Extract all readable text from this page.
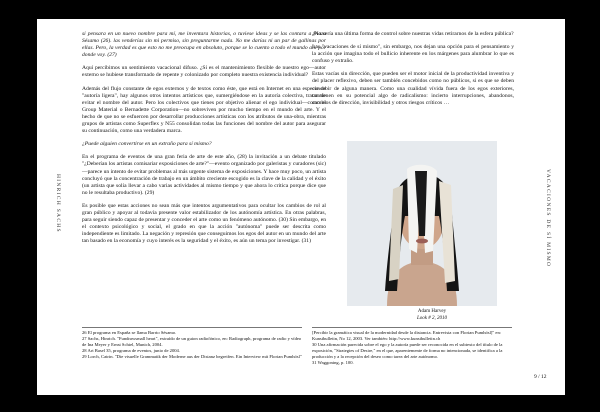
HINRICH SACHS

si pensara en un nuevo nombre para mí, me inventara historias, o tuviese ideas y se las contara a Plaza Sésamo (26). las venderías sin mi permiso, sin preguntarme nada. No me darías ni un par de gallinas por ellas. Pero, la verdad es que esto no me preocupa en absoluto, porque se lo cuento a todo el mundo allí por donde voy. (27)

Aquí percibimos un sentimiento vacacional difuso. ¿Sí es el mantenimiento flexible de nuestro ego—autor externo se hubiese transformado de repente y colonizado por completo nuestra existencia individual?

Además del flujo constante de egos externos y de textos como éste, que está en Internet en una especie de "autoría ligera", hay algunos otros intentos artísticos que, sumergiéndose en la autoría colectiva, tratan de evitar el nombre del autor. Pero los colectivos que tienes por objetivo alienar el ego individual—como el Group Material o Bernadette Corporation—no sobreviven por mucho tiempo en el mundo del arte. Y el hecho de que no se esfuercen por desarrollar producciones artísticas con los atributos de una-obra, mientras grupos de artistas como Superflex y N55 consolidan todas las funciones del nombre del autor para asegurar su continuación, como una verdadera marca.

¿Puede alguien convertirse en un extraño para sí mismo?

En el programa de eventos de una gran feria de arte de este año, (28) la invitación a un debate titulado "¿Deberían los artistas comisariar exposiciones de arte?"—evento organizado por galeristas y curadores (sic)—parece un intento de evitar problemas al más urgente sistema de exposiciones. Y hace muy poco, un artista concluyó que la concentración de trabajo en un ámbito creciente escogido es la clave de la calidad y el éxito (un artista que solía llevar a cabo varias actividades al mismo tiempo y que ahora lo critica porque dice que no le resultaba productivo). (29)

Es posible que estas acciones no sean más que intentos argumentativos para ocultar los cambios de rol al gran público y apoyar al todavía presente valor estabilizador de los autónomía artística. En otras palabras, para seguir siendo capaz de presentar y conceder el arte como un fenómeno autónomo. (30) Sin embargo, en el contexto psicológico y social, el grado en que la acción "autónoma" puede ser descrita como independiente es limitado. La negación y represión que conseguimos los egos del autor en un mundo del arte tan basado en la economía y cuyo interés es la seguridad y el éxito, es aún un tema por investigar. (31)

26 El programa en España se llama Barrio Sésamo.
27 Sachs, Hinrich. "Fundrawsmall heart", extraído de un guion radiofónico, en: Radiograph, programa de radio y vídeo de Ina Meyer y Ernst Schiel, Munich, 2004.
28 Art Basel 35, programa de eventos, junio de 2004.
29 Lorch, Catrin. "Die visuelle Grammatik der Moderne aus der Distanz begreifen. Ein Interview mit Florian Pumhösl"

¿No sería una última forma de control sobre nuestras vidas retirarnos de la esfera pública?

Las "vacaciones de sí mismo", sin embargo, nos dejan una opción para el pensamiento y la acción que imagina todo el bullicio inherente en los márgenes para alumbrar lo que es confuso y extraño.

Estas vacías sin dirección, que pueden ser el motor inicial de la productividad inventiva y del placer reflexivo, deben ser también concebidos como no públicos, si es que se deben concebir de alguna manera. Como una cualidad vívida fuera de los egos exteriores, contienen en su potencial algo de radicalismo: incierto interrupciones, abandonos, cambios de dirección, invisibilidad y otros riesgos críticos …

Adam Harvey
Look # 2, 2010
[Percibir la gramática visual de la modernidad desde la distancia. Entrevista con Florian Pumhösl]" en: Kunstbulletin, No 12, 2003. Ver también: http://www.kunstbulletin.ch
30 Una afirmación parecida sobre el ego y la autoría puede ser reconocida en el subtexto del título de la exposición, "Strategies of Desire," en el que, aparentemente de forma no intencionada, se identifica a la producción y a la recepción del deseo como tarea del arte autónomo.
31 Waggoning, p. 100.
VACACIONES DE SÍ MISMO
9 / 12
